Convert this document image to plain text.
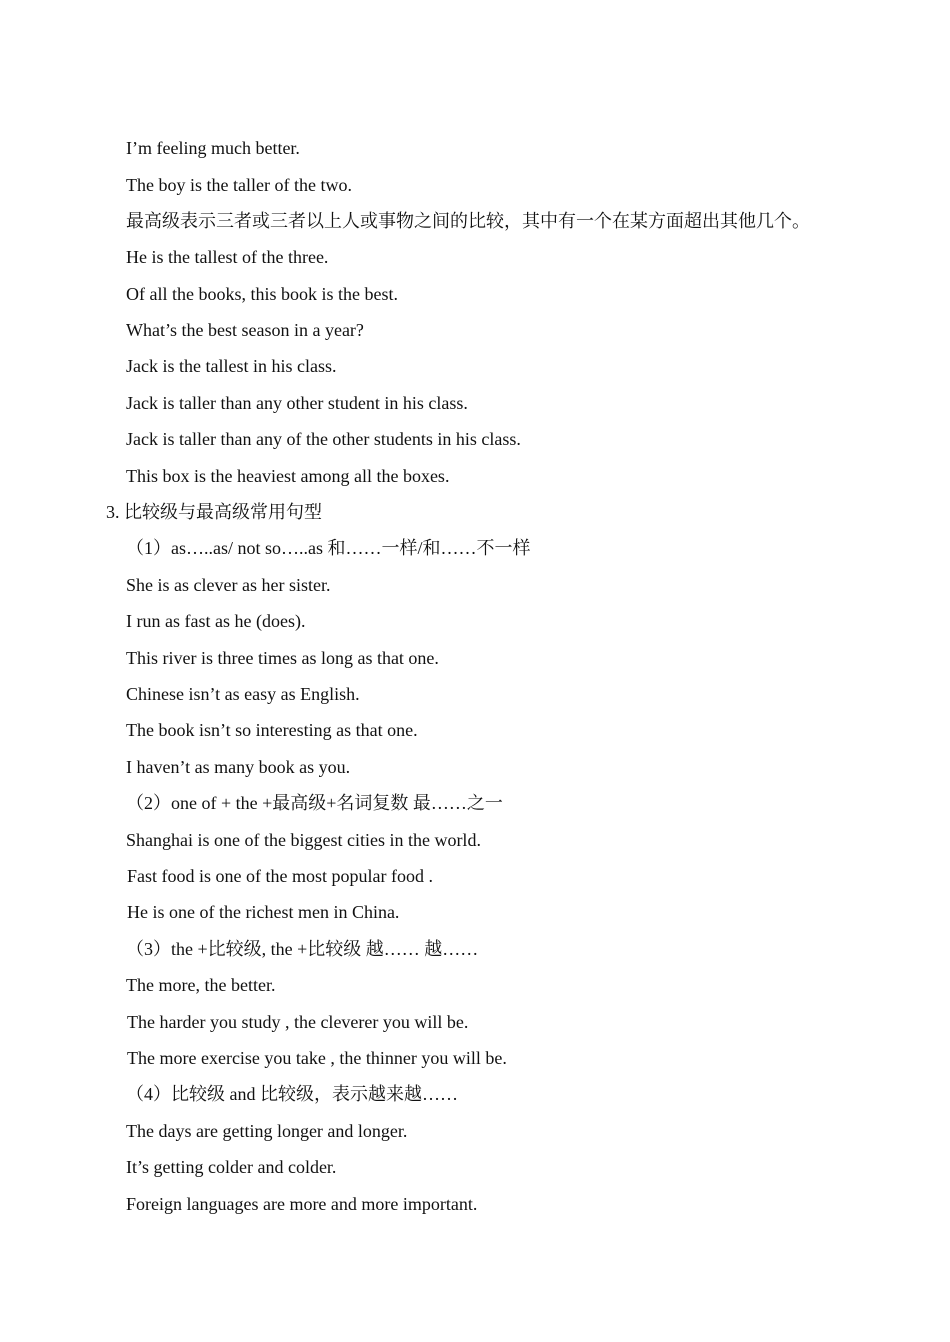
I’m feeling much better.
The boy is the taller of the two.
最高级表示三者或三者以上人或事物之间的比较，其中有一个在某方面超出其他几个。
He is the tallest of the three.
Of all the books, this book is the best.
What’s the best season in a year?
Jack is the tallest in his class.
Jack is taller than any other student in his class.
Jack is taller than any of the other students in his class.
This box is the heaviest among all the boxes.
3. 比较级与最高级常用句型
（1）as…..as/ not so…..as 和……一样/和……不一样
She is as clever as her sister.
I run as fast as he (does).
This river is three times as long as that one.
Chinese isn’t as easy as English.
The book isn’t so interesting as that one.
I haven’t as many book as you.
（2）one of + the +最高级+名词复数 最……之一
Shanghai is one of the biggest cities in the world.
Fast food is one of the most popular food .
He is one of the richest men in China.
（3）the +比较级, the +比较级 越…… 越……
The more, the better.
The harder you study , the cleverer you will be.
The more exercise you take , the thinner you will be.
（4）比较级 and 比较级，表示越来越……
The days are getting longer and longer.
It’s getting colder and colder.
Foreign languages are more and more important.
